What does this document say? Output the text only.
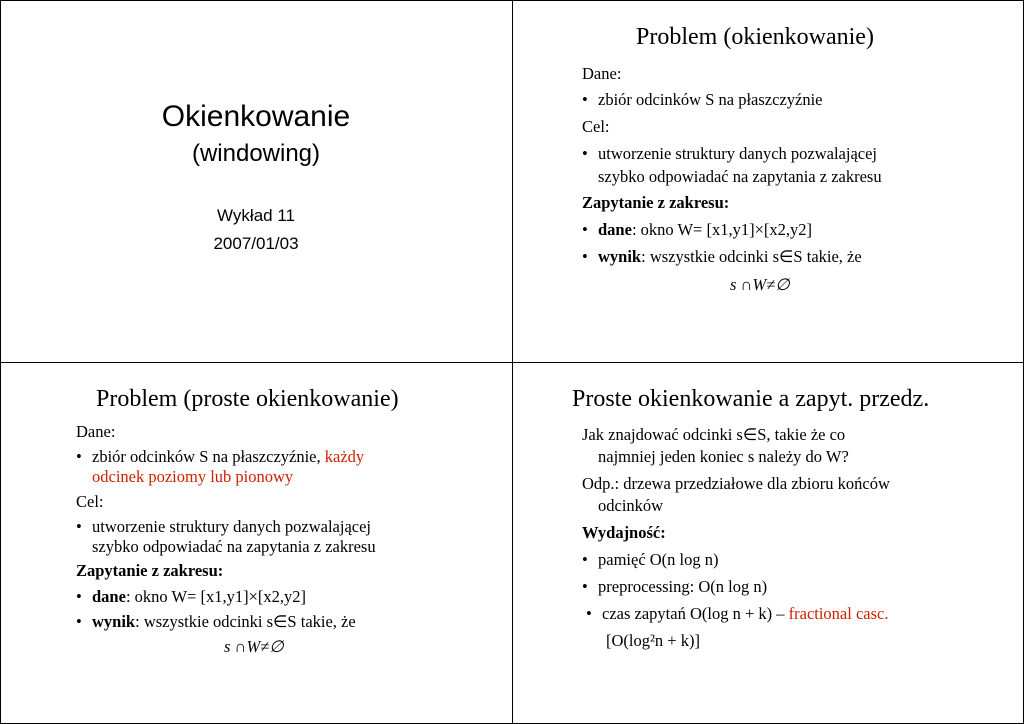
Okienkowanie
(windowing)
Wykład 11
2007/01/03
Problem (okienkowanie)
Dane:
• zbiór odcinków S na płaszczyźnie
Cel:
• utworzenie struktury danych pozwalającej
szybko odpowiadać na zapytania z zakresu
Zapytanie z zakresu:
• dane: okno W= [x1,y1]×[x2,y2]
• wynik: wszystkie odcinki s∈S takie, że
s ∩W≠∅
Problem (proste okienkowanie)
Dane:
• zbiór odcinków S na płaszczyźnie, każdy
odcinek poziomy lub pionowy
Cel:
• utworzenie struktury danych pozwalającej
szybko odpowiadać na zapytania z zakresu
Zapytanie z zakresu:
• dane: okno W= [x1,y1]×[x2,y2]
• wynik: wszystkie odcinki s∈S takie, że
s ∩W≠∅
Proste okienkowanie a zapyt. przedz.
Jak znajdować odcinki s∈S, takie że co
najmniej jeden koniec s należy do W?
Odp.: drzewa przedziałowe dla zbioru końców
odcinków
Wydajność:
• pamięć O(n log n)
• preprocessing: O(n log n)
• czas zapytań O(log n + k) – fractional casc.
[O(log²n + k)]
